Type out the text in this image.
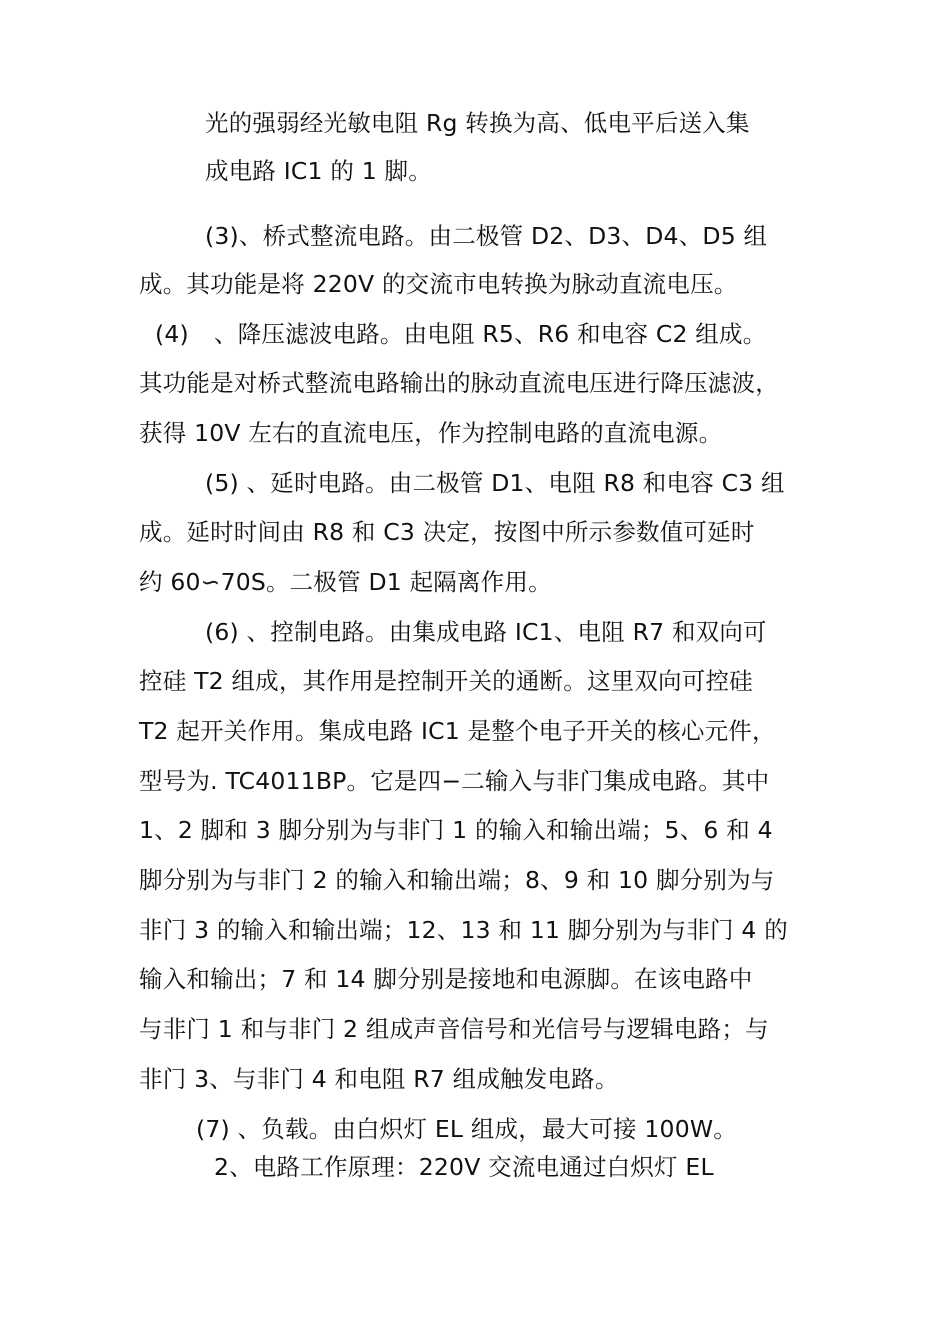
光的强弱经光敏电阻 Rg 转换为高、低电平后送入集
成电路 IC1 的 1 脚。
(3)、桥式整流电路。由二极管 D2、D3、D4、D5 组
成。其功能是将 220V 的交流市电转换为脉动直流电压。
(4) 、降压滤波电路。由电阻 R5、R6 和电容 C2 组成。
其功能是对桥式整流电路输出的脉动直流电压进行降压滤波，
获得 10V 左右的直流电压，作为控制电路的直流电源。
(5) 、延时电路。由二极管 D1、电阻 R8 和电容 C3 组
成。延时时间由 R8 和 C3 决定，按图中所示参数值可延时
约 60∽70S。二极管 D1 起隔离作用。
(6) 、控制电路。由集成电路 IC1、电阻 R7 和双向可
控硅 T2 组成，其作用是控制开关的通断。这里双向可控硅
T2 起开关作用。集成电路 IC1 是整个电子开关的核心元件，
型号为. TC4011BP。它是四−二输入与非门集成电路。其中
1、2 脚和 3 脚分别为与非门 1 的输入和输出端；5、6 和 4
脚分别为与非门 2 的输入和输出端；8、9 和 10 脚分别为与
非门 3 的输入和输出端；12、13 和 11 脚分别为与非门 4 的
输入和输出；7 和 14 脚分别是接地和电源脚。在该电路中
与非门 1 和与非门 2 组成声音信号和光信号与逻辑电路；与
非门 3、与非门 4 和电阻 R7 组成触发电路。
(7) 、负载。由白炽灯 EL 组成，最大可接 100W。
2、电路工作原理：220V 交流电通过白炽灯 EL
